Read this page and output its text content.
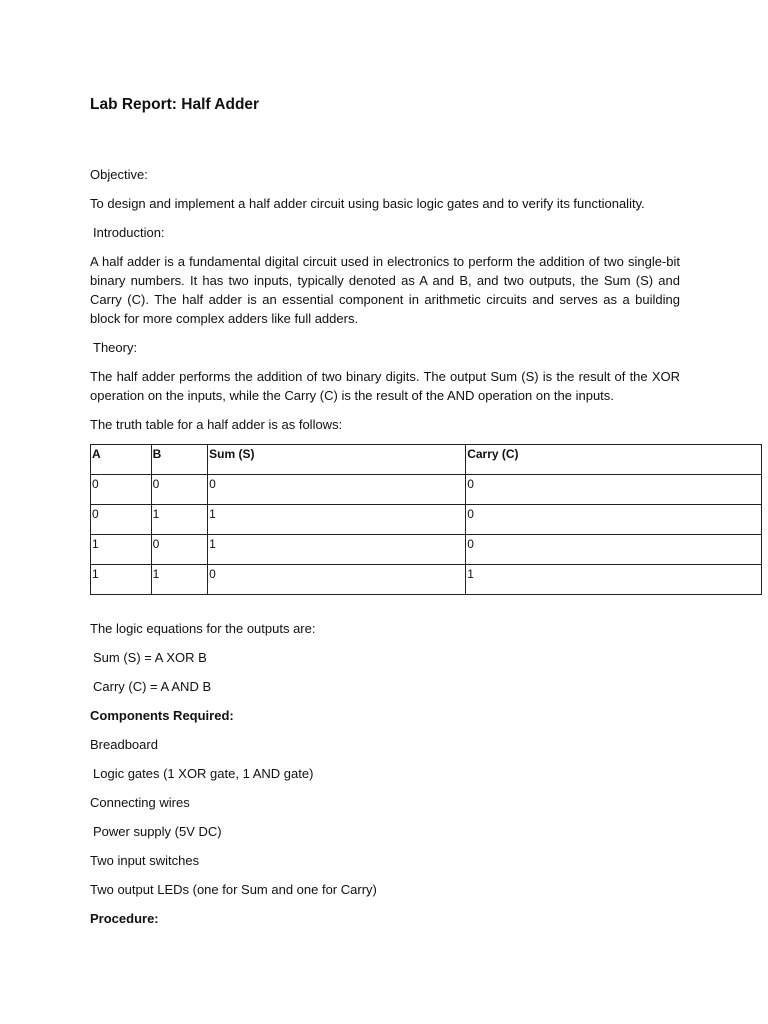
Lab Report: Half Adder
Objective:
To design and implement a half adder circuit using basic logic gates and to verify its functionality.
Introduction:
A half adder is a fundamental digital circuit used in electronics to perform the addition of two single-bit binary numbers. It has two inputs, typically denoted as A and B, and two outputs, the Sum (S) and Carry (C). The half adder is an essential component in arithmetic circuits and serves as a building block for more complex adders like full adders.
Theory:
The half adder performs the addition of two binary digits. The output Sum (S) is the result of the XOR operation on the inputs, while the Carry (C) is the result of the AND operation on the inputs.
The truth table for a half adder is as follows:
A	B	Sum (S)	Carry (C)
0	0	0	0
0	1	1	0
1	0	1	0
1	1	0	1
The logic equations for the outputs are:
Sum (S) = A XOR B
Carry (C) = A AND B
Components Required:
Breadboard
Logic gates (1 XOR gate, 1 AND gate)
Connecting wires
Power supply (5V DC)
Two input switches
Two output LEDs (one for Sum and one for Carry)
Procedure:
